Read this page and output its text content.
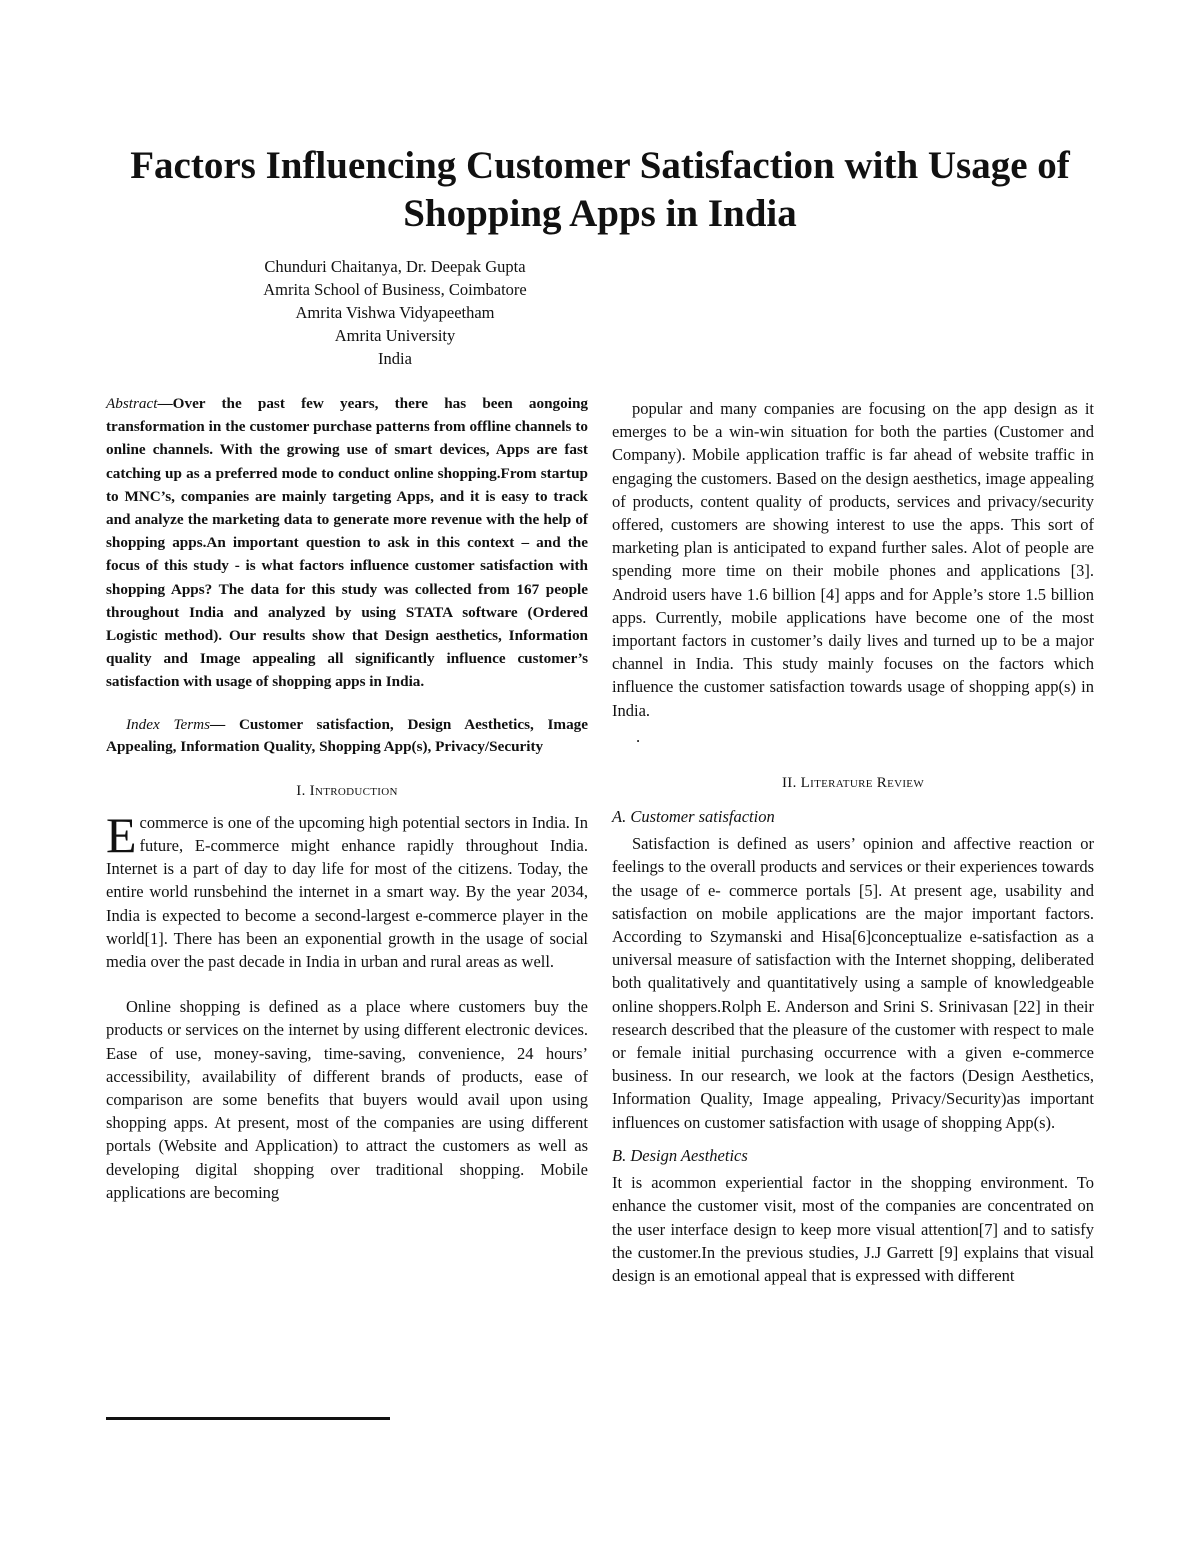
Factors Influencing Customer Satisfaction with Usage of Shopping Apps in India
Chunduri Chaitanya, Dr. Deepak Gupta
Amrita School of Business, Coimbatore
Amrita Vishwa Vidyapeetham
Amrita University
India

Abstract—Over the past few years, there has been aongoing transformation in the customer purchase patterns from offline channels to online channels. With the growing use of smart devices, Apps are fast catching up as a preferred mode to conduct online shopping.From startup to MNC’s, companies are mainly targeting Apps, and it is easy to track and analyze the marketing data to generate more revenue with the help of shopping apps.An important question to ask in this context – and the focus of this study - is what factors influence customer satisfaction with shopping Apps? The data for this study was collected from 167 people throughout India and analyzed by using STATA software (Ordered Logistic method). Our results show that Design aesthetics, Information quality and Image appealing all significantly influence customer’s satisfaction with usage of shopping apps in India.

Index Terms— Customer satisfaction, Design Aesthetics, Image Appealing, Information Quality, Shopping App(s), Privacy/Security

I. Introduction

Ecommerce is one of the upcoming high potential sectors in India. In future, E-commerce might enhance rapidly throughout India. Internet is a part of day to day life for most of the citizens. Today, the entire world runsbehind the internet in a smart way. By the year 2034, India is expected to become a second-largest e-commerce player in the world[1]. There has been an exponential growth in the usage of social media over the past decade in India in urban and rural areas as well.

Online shopping is defined as a place where customers buy the products or services on the internet by using different electronic devices. Ease of use, money-saving, time-saving, convenience, 24 hours’ accessibility, availability of different brands of products, ease of comparison are some benefits that buyers would avail upon using shopping apps. At present, most of the companies are using different portals (Website and Application) to attract the customers as well as developing digital shopping over traditional shopping. Mobile applications are becoming

popular and many companies are focusing on the app design as it emerges to be a win-win situation for both the parties (Customer and Company). Mobile application traffic is far ahead of website traffic in engaging the customers. Based on the design aesthetics, image appealing of products, content quality of products, services and privacy/security offered, customers are showing interest to use the apps. This sort of marketing plan is anticipated to expand further sales. Alot of people are spending more time on their mobile phones and applications [3]. Android users have 1.6 billion [4] apps and for Apple’s store 1.5 billion apps. Currently, mobile applications have become one of the most important factors in customer’s daily lives and turned up to be a major channel in India. This study mainly focuses on the factors which influence the customer satisfaction towards usage of shopping app(s) in India.

.
II. Literature Review
A. Customer satisfaction

Satisfaction is defined as users’ opinion and affective reaction or feelings to the overall products and services or their experiences towards the usage of e- commerce portals [5]. At present age, usability and satisfaction on mobile applications are the major important factors. According to Szymanski and Hisa[6]conceptualize e-satisfaction as a universal measure of satisfaction with the Internet shopping, deliberated both qualitatively and quantitatively using a sample of knowledgeable online shoppers.Rolph E. Anderson and Srini S. Srinivasan [22] in their research described that the pleasure of the customer with respect to male or female initial purchasing occurrence with a given e-commerce business. In our research, we look at the factors (Design Aesthetics, Information Quality, Image appealing, Privacy/Security)as important influences on customer satisfaction with usage of shopping App(s).

B. Design Aesthetics

It is acommon experiential factor in the shopping environment. To enhance the customer visit, most of the companies are concentrated on the user interface design to keep more visual attention[7] and to satisfy the customer.In the previous studies, J.J Garrett [9] explains that visual design is an emotional appeal that is expressed with different
